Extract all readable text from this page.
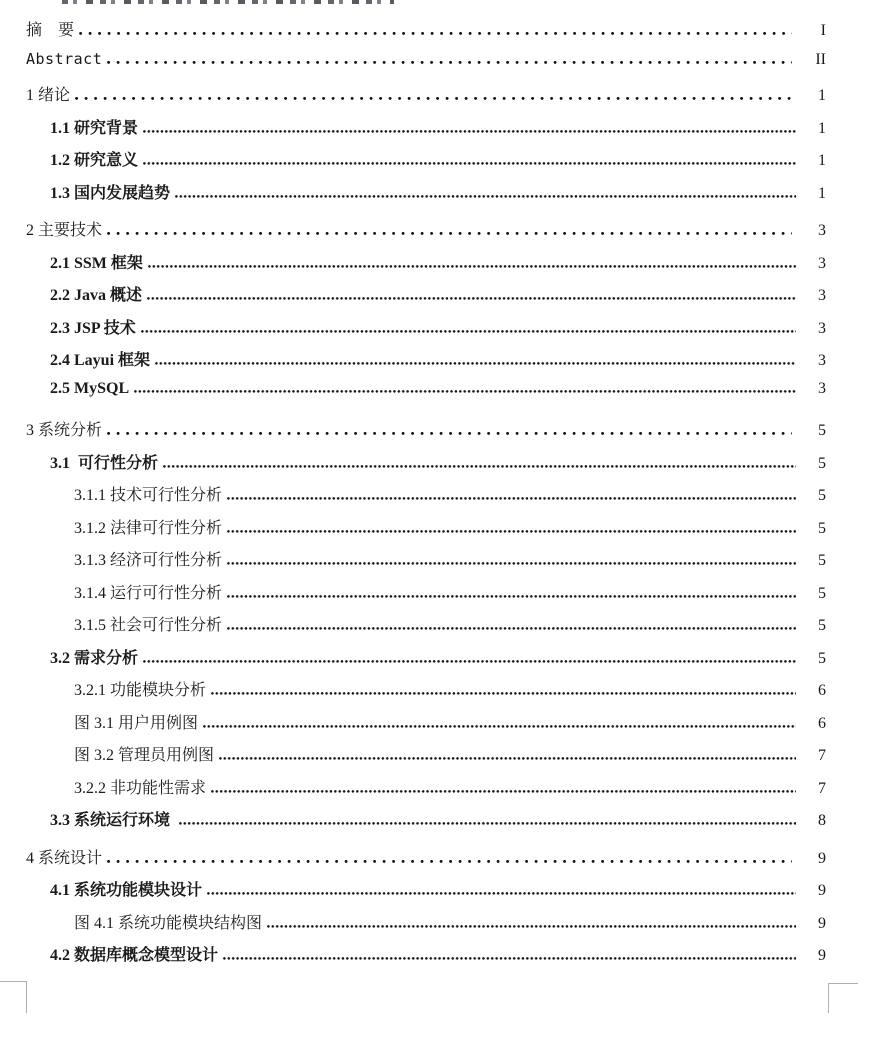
摘　要	I
Abstract	II
1 绪论	1
1.1 研究背景	1
1.2 研究意义	1
1.3 国内发展趋势	1
2 主要技术	3
2.1 SSM 框架	3
2.2 Java 概述	3
2.3 JSP 技术	3
2.4 Layui 框架	3
2.5 MySQL	3
3 系统分析	5
3.1  可行性分析	5
3.1.1 技术可行性分析	5
3.1.2 法律可行性分析	5
3.1.3 经济可行性分析	5
3.1.4 运行可行性分析	5
3.1.5 社会可行性分析	5
3.2 需求分析	5
3.2.1 功能模块分析	6
图 3.1 用户用例图	6
图 3.2 管理员用例图	7
3.2.2 非功能性需求	7
3.3 系统运行环境	8
4 系统设计	9
4.1 系统功能模块设计	9
图 4.1 系统功能模块结构图	9
4.2 数据库概念模型设计	9
